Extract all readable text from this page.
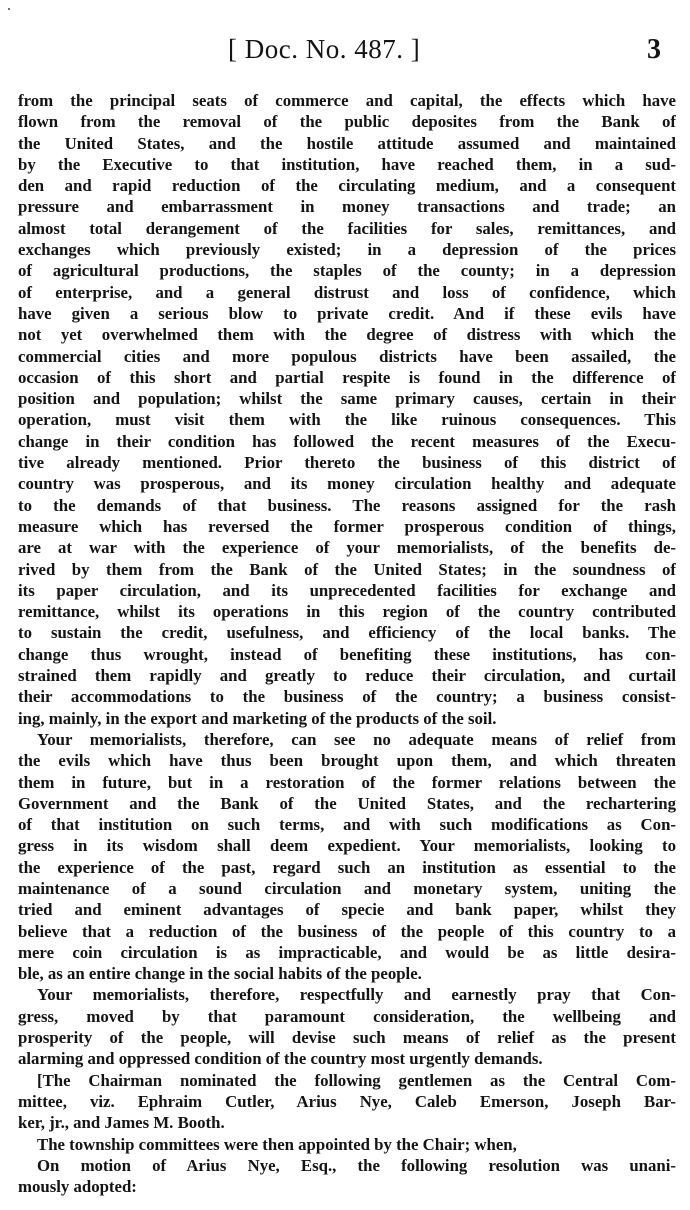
[ Doc. No. 487. ]	3
from the principal seats of commerce and capital, the effects which have
flown from the removal of the public deposites from the Bank of
the United States, and the hostile attitude assumed and maintained
by the Executive to that institution, have reached them, in a sud-
den and rapid reduction of the circulating medium, and a consequent
pressure and embarrassment in money transactions and trade; an
almost total derangement of the facilities for sales, remittances, and
exchanges which previously existed; in a depression of the prices
of agricultural productions, the staples of the county; in a depression
of enterprise, and a general distrust and loss of confidence, which
have given a serious blow to private credit. And if these evils have
not yet overwhelmed them with the degree of distress with which the
commercial cities and more populous districts have been assailed, the
occasion of this short and partial respite is found in the difference of
position and population; whilst the same primary causes, certain in their
operation, must visit them with the like ruinous consequences. This
change in their condition has followed the recent measures of the Execu-
tive already mentioned. Prior thereto the business of this district of
country was prosperous, and its money circulation healthy and adequate
to the demands of that business. The reasons assigned for the rash
measure which has reversed the former prosperous condition of things,
are at war with the experience of your memorialists, of the benefits de-
rived by them from the Bank of the United States; in the soundness of
its paper circulation, and its unprecedented facilities for exchange and
remittance, whilst its operations in this region of the country contributed
to sustain the credit, usefulness, and efficiency of the local banks. The
change thus wrought, instead of benefiting these institutions, has con-
strained them rapidly and greatly to reduce their circulation, and curtail
their accommodations to the business of the country; a business consist-
ing, mainly, in the export and marketing of the products of the soil.
Your memorialists, therefore, can see no adequate means of relief from
the evils which have thus been brought upon them, and which threaten
them in future, but in a restoration of the former relations between the
Government and the Bank of the United States, and the rechartering
of that institution on such terms, and with such modifications as Con-
gress in its wisdom shall deem expedient. Your memorialists, looking to
the experience of the past, regard such an institution as essential to the
maintenance of a sound circulation and monetary system, uniting the
tried and eminent advantages of specie and bank paper, whilst they
believe that a reduction of the business of the people of this country to a
mere coin circulation is as impracticable, and would be as little desira-
ble, as an entire change in the social habits of the people.
Your memorialists, therefore, respectfully and earnestly pray that Con-
gress, moved by that paramount consideration, the wellbeing and
prosperity of the people, will devise such means of relief as the present
alarming and oppressed condition of the country most urgently demands.
[The Chairman nominated the following gentlemen as the Central Com-
mittee, viz. Ephraim Cutler, Arius Nye, Caleb Emerson, Joseph Bar-
ker, jr., and James M. Booth.
The township committees were then appointed by the Chair; when,
On motion of Arius Nye, Esq., the following resolution was unani-
mously adopted:
